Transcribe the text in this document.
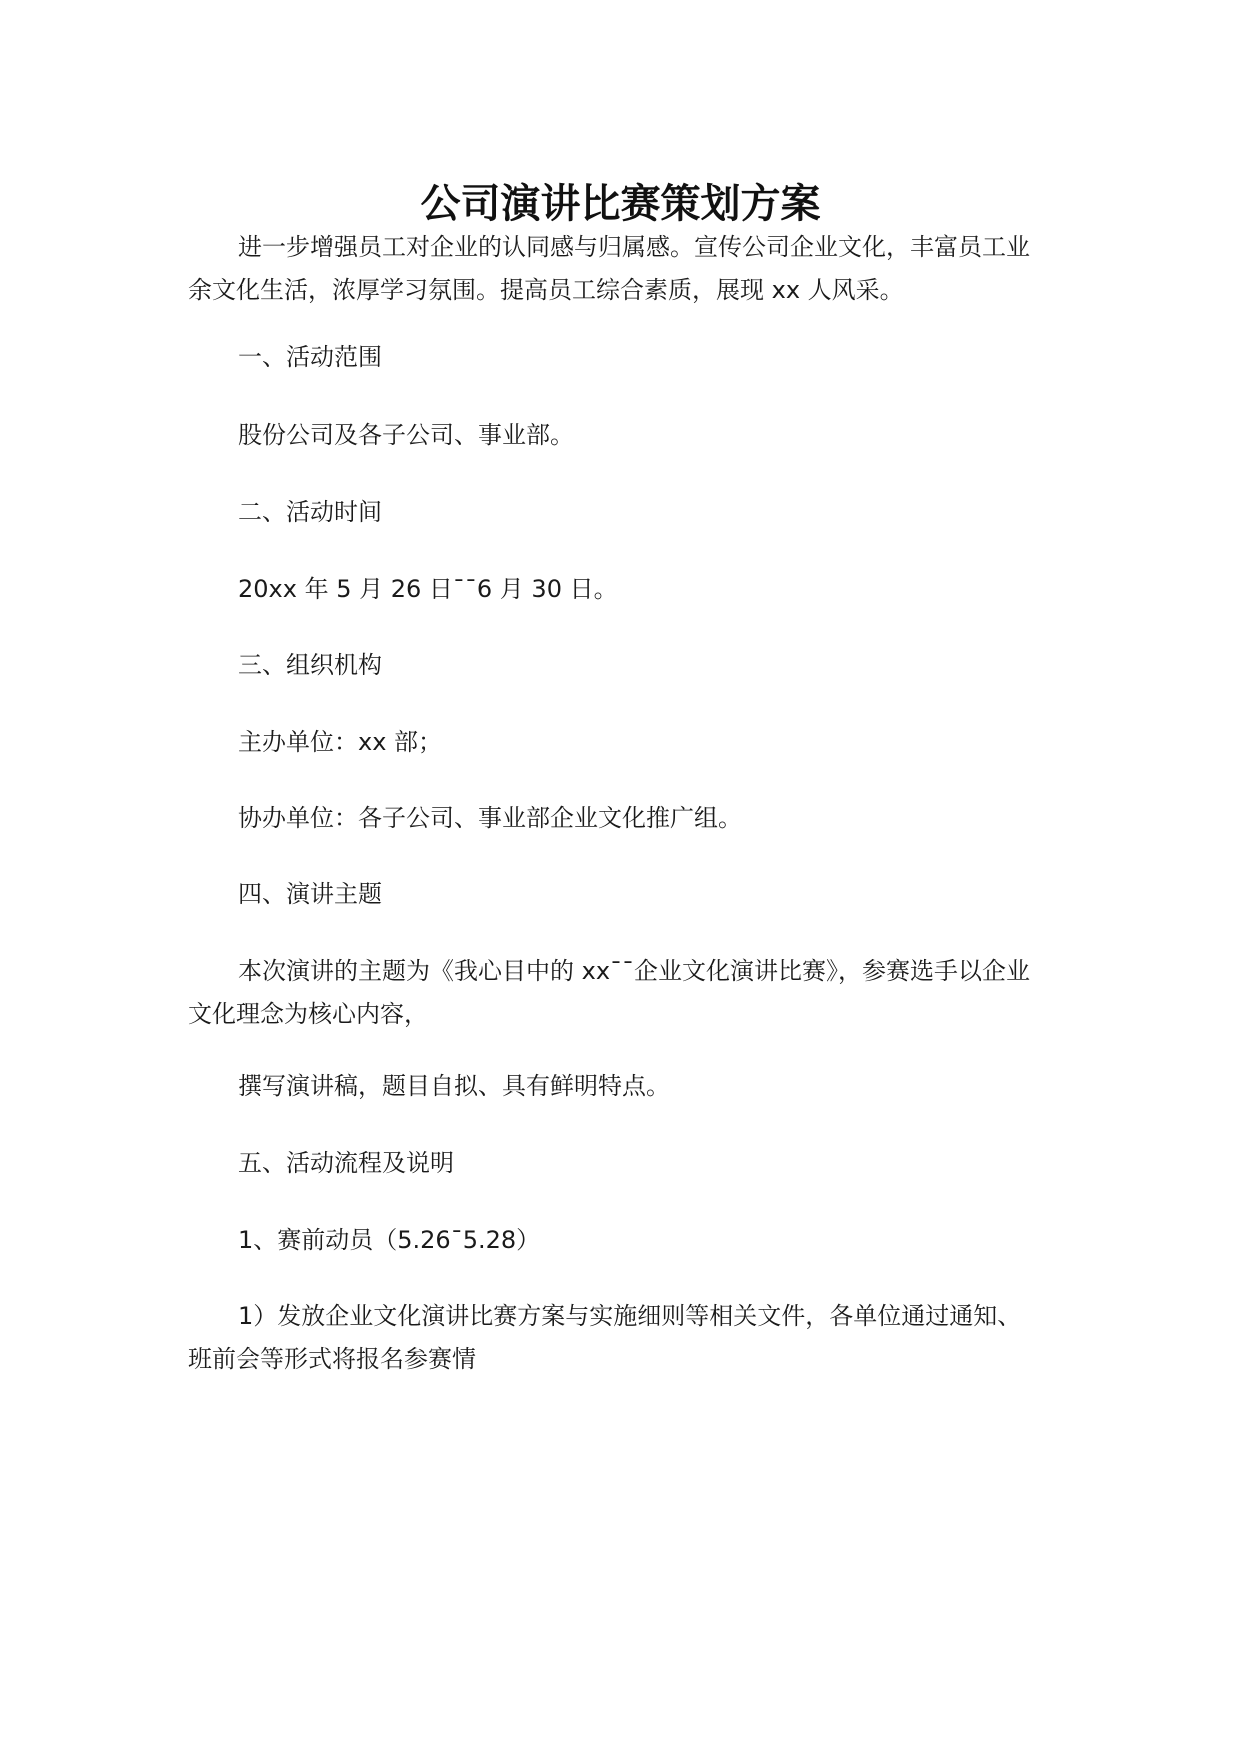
公司演讲比赛策划方案

进一步增强员工对企业的认同感与归属感。宣传公司企业文化，丰富员工业
余文化生活，浓厚学习氛围。提高员工综合素质，展现 xx 人风采。

一、活动范围

股份公司及各子公司、事业部。

二、活动时间

20xx 年 5 月 26 日¯¯6 月 30 日。

三、组织机构

主办单位：xx 部；

协办单位：各子公司、事业部企业文化推广组。

四、演讲主题

本次演讲的主题为《我心目中的 xx¯¯企业文化演讲比赛》，参赛选手以企业
文化理念为核心内容，

撰写演讲稿，题目自拟、具有鲜明特点。

五、活动流程及说明

1、赛前动员（5.26¯5.28）

1）发放企业文化演讲比赛方案与实施细则等相关文件，各单位通过通知、
班前会等形式将报名参赛情
